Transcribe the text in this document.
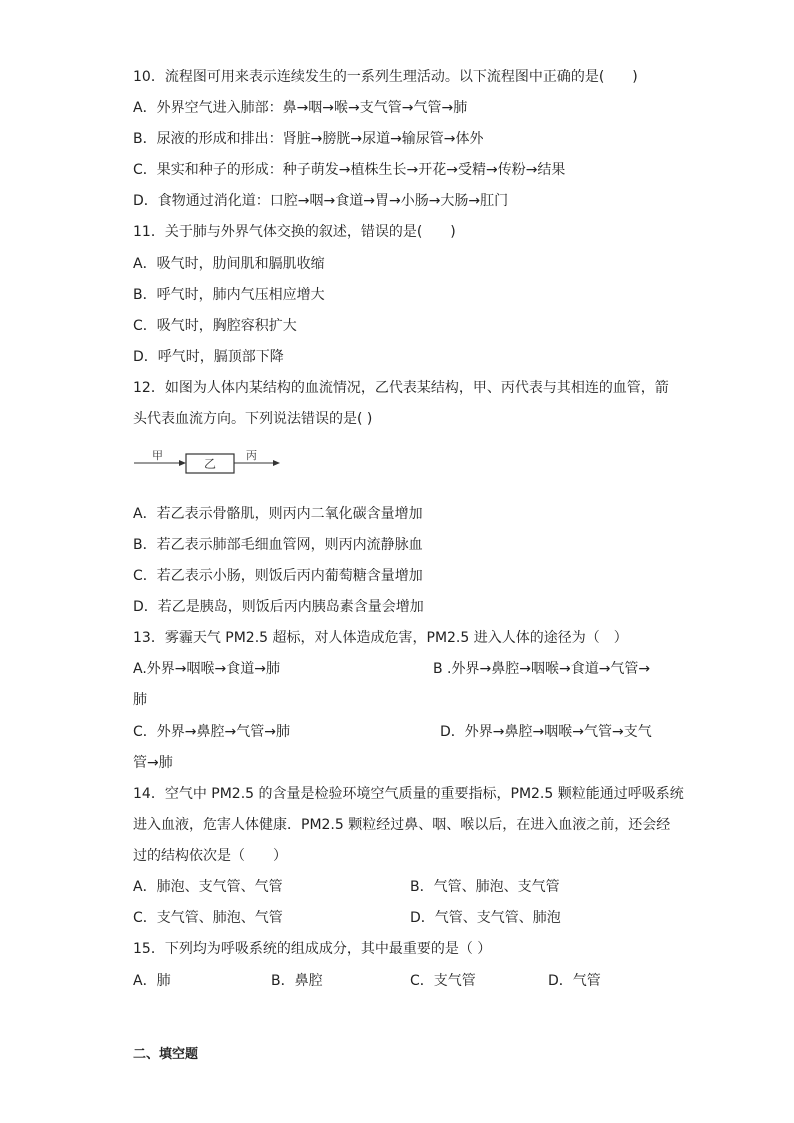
10．流程图可用来表示连续发生的一系列生理活动。以下流程图中正确的是(　　)
A．外界空气进入肺部：鼻→咽→喉→支气管→气管→肺
B．尿液的形成和排出：肾脏→膀胱→尿道→输尿管→体外
C．果实和种子的形成：种子萌发→植株生长→开花→受精→传粉→结果
D．食物通过消化道：口腔→咽→食道→胃→小肠→大肠→肛门
11．关于肺与外界气体交换的叙述，错误的是(　　)
A．吸气时，肋间肌和膈肌收缩
B．呼气时，肺内气压相应增大
C．吸气时，胸腔容积扩大
D．呼气时，膈顶部下降
12．如图为人体内某结构的血流情况，乙代表某结构，甲、丙代表与其相连的血管，箭
头代表血流方向。下列说法错误的是( )
甲
乙
丙
A．若乙表示骨骼肌，则丙内二氧化碳含量增加
B．若乙表示肺部毛细血管网，则丙内流静脉血
C．若乙表示小肠，则饭后丙内葡萄糖含量增加
D．若乙是胰岛，则饭后丙内胰岛素含量会增加
13．雾霾天气 PM2.5 超标，对人体造成危害，PM2.5 进入人体的途径为（　）
A.外界→咽喉→食道→肺	B .外界→鼻腔→咽喉→食道→气管→
肺
C．外界→鼻腔→气管→肺	D．外界→鼻腔→咽喉→气管→支气
管→肺
14．空气中 PM2.5 的含量是检验环境空气质量的重要指标，PM2.5 颗粒能通过呼吸系统
进入血液，危害人体健康．PM2.5 颗粒经过鼻、咽、喉以后，在进入血液之前，还会经
过的结构依次是（　　）
A．肺泡、支气管、气管	B．气管、肺泡、支气管
C．支气管、肺泡、气管	D．气管、支气管、肺泡
15．下列均为呼吸系统的组成成分，其中最重要的是（ ）
A．肺	B．鼻腔	C．支气管	D．气管
二、填空题
